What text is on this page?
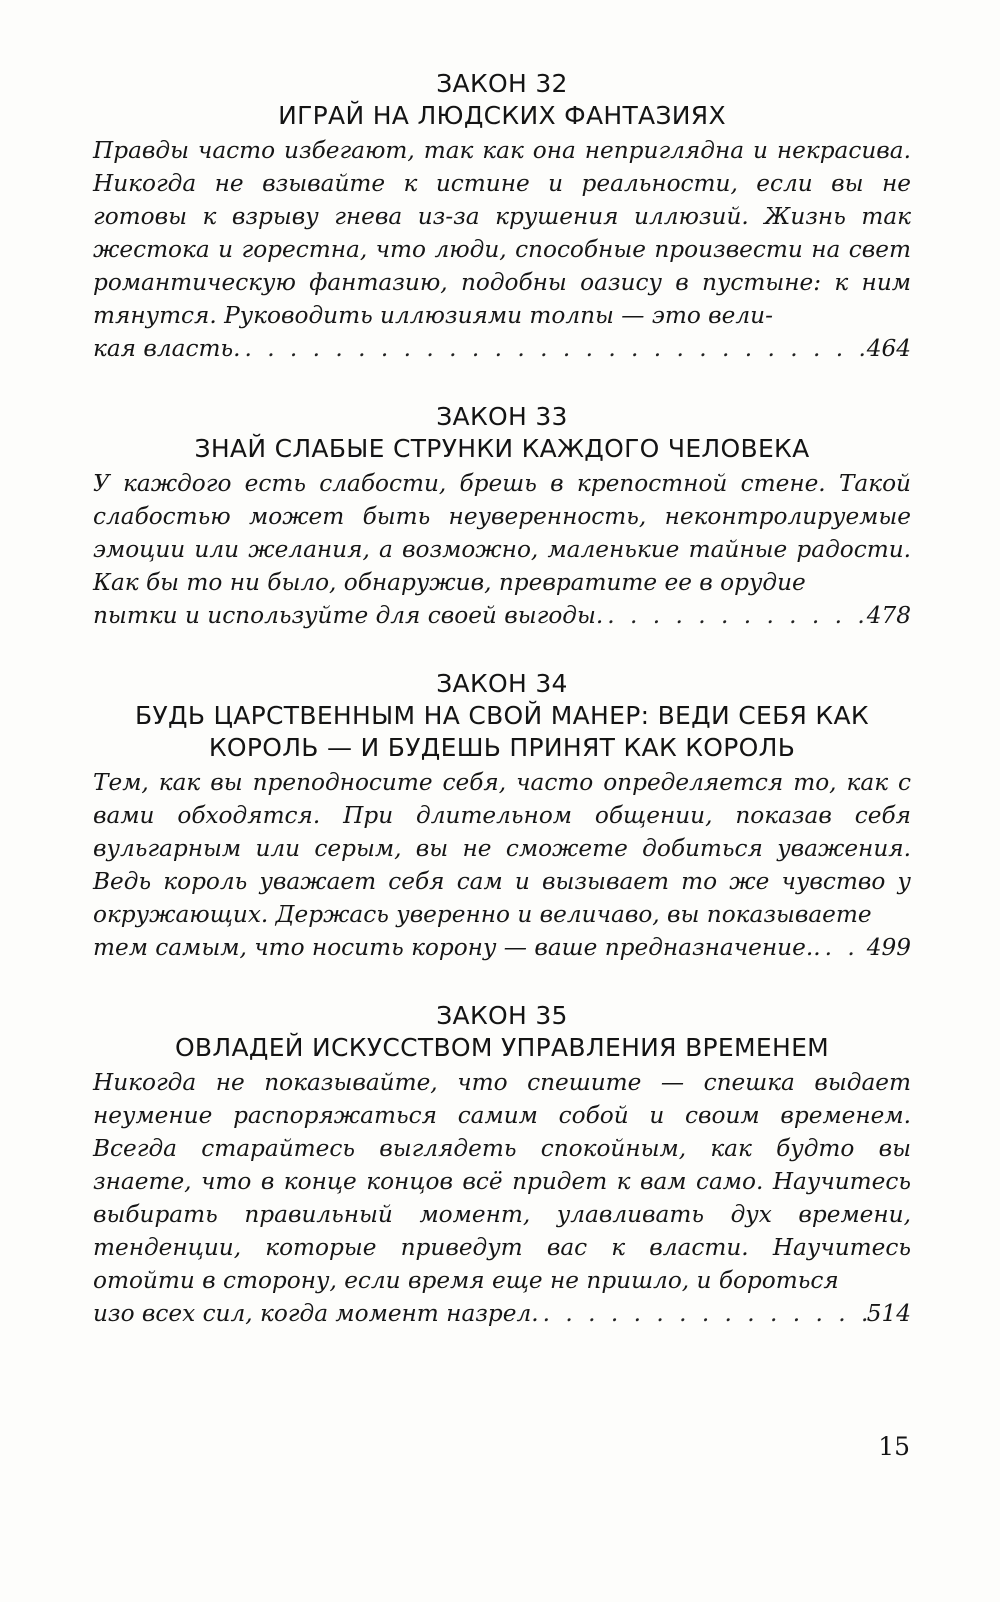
ЗАКОН 32
ИГРАЙ НА ЛЮДСКИХ ФАНТАЗИЯХ

Правды часто избегают, так как она неприглядна и некрасива. Никогда не взывайте к истине и реальности, если вы не готовы к взрыву гнева из-за крушения иллюзий. Жизнь так жестока и горестна, что люди, способные произвести на свет романтическую фантазию, подобны оазису в пустыне: к ним тянутся. Руководить иллюзиями толпы — это вели-

кая власть. . . .	464
ЗАКОН 33
ЗНАЙ СЛАБЫЕ СТРУНКИ КАЖДОГО ЧЕЛОВЕКА

У каждого есть слабости, брешь в крепостной стене. Такой слабостью может быть неуверенность, неконтролируемые эмоции или желания, а возможно, маленькие тайные радости. Как бы то ни было, обнаружив, превратите ее в орудие

пытки и используйте для своей выгоды. . . .	478
ЗАКОН 34
БУДЬ ЦАРСТВЕННЫМ НА СВОЙ МАНЕР: ВЕДИ СЕБЯ КАК КОРОЛЬ — И БУДЕШЬ ПРИНЯТ КАК КОРОЛЬ

Тем, как вы преподносите себя, часто определяется то, как с вами обходятся. При длительном общении, показав себя вульгарным или серым, вы не сможете добиться уважения. Ведь король уважает себя сам и вызывает то же чувство у окружающих. Держась уверенно и величаво, вы показываете

тем самым, что носить корону — ваше предназначение.. . . . 499
ЗАКОН 35
ОВЛАДЕЙ ИСКУССТВОМ УПРАВЛЕНИЯ ВРЕМЕНЕМ

Никогда не показывайте, что спешите — спешка выдает неумение распоряжаться самим собой и своим временем. Всегда старайтесь выглядеть спокойным, как будто вы знаете, что в конце концов всё придет к вам само. Научитесь выбирать правильный момент, улавливать дух времени, тенденции, которые приведут вас к власти. Научитесь отойти в сторону, если время еще не пришло, и бороться

изо всех сил, когда момент назрел. . . .	514
15
